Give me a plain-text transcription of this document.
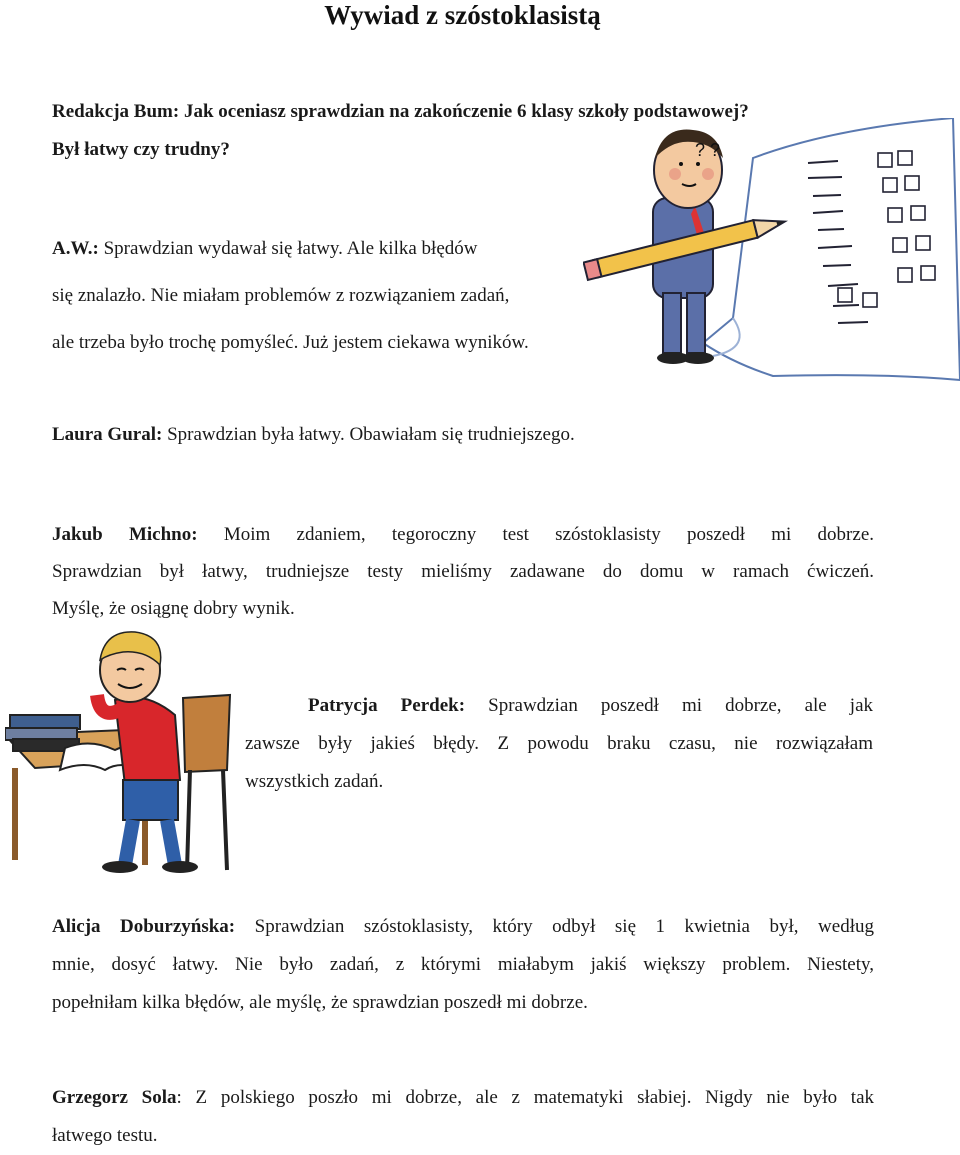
Wywiad z szóstoklasistą
Redakcja Bum: Jak oceniasz sprawdzian na zakończenie 6 klasy szkoły podstawowej?
Był łatwy czy trudny?
A.W.: Sprawdzian wydawał się łatwy. Ale kilka błędów
się znalazło. Nie miałam problemów z rozwiązaniem zadań,
ale trzeba było trochę pomyśleć. Już jestem ciekawa wyników.
Laura Gural: Sprawdzian była łatwy. Obawiałam się trudniejszego.
Jakub Michno: Moim zdaniem, tegoroczny test szóstoklasisty poszedł mi dobrze.
Sprawdzian był łatwy, trudniejsze testy mieliśmy zadawane do domu w ramach ćwiczeń.
Myślę, że osiągnę dobry wynik.
Patrycja Perdek: Sprawdzian poszedł mi dobrze, ale jak
zawsze były jakieś błędy. Z powodu braku czasu, nie rozwiązałam
wszystkich zadań.
Alicja Doburzyńska: Sprawdzian szóstoklasisty, który odbył się 1 kwietnia był, według
mnie, dosyć łatwy. Nie było zadań, z którymi miałabym jakiś większy problem. Niestety,
popełniłam kilka błędów, ale myślę, że sprawdzian poszedł mi dobrze.
Grzegorz Sola: Z polskiego poszło mi dobrze, ale z matematyki słabiej. Nigdy nie było tak
łatwego testu.
? ?
